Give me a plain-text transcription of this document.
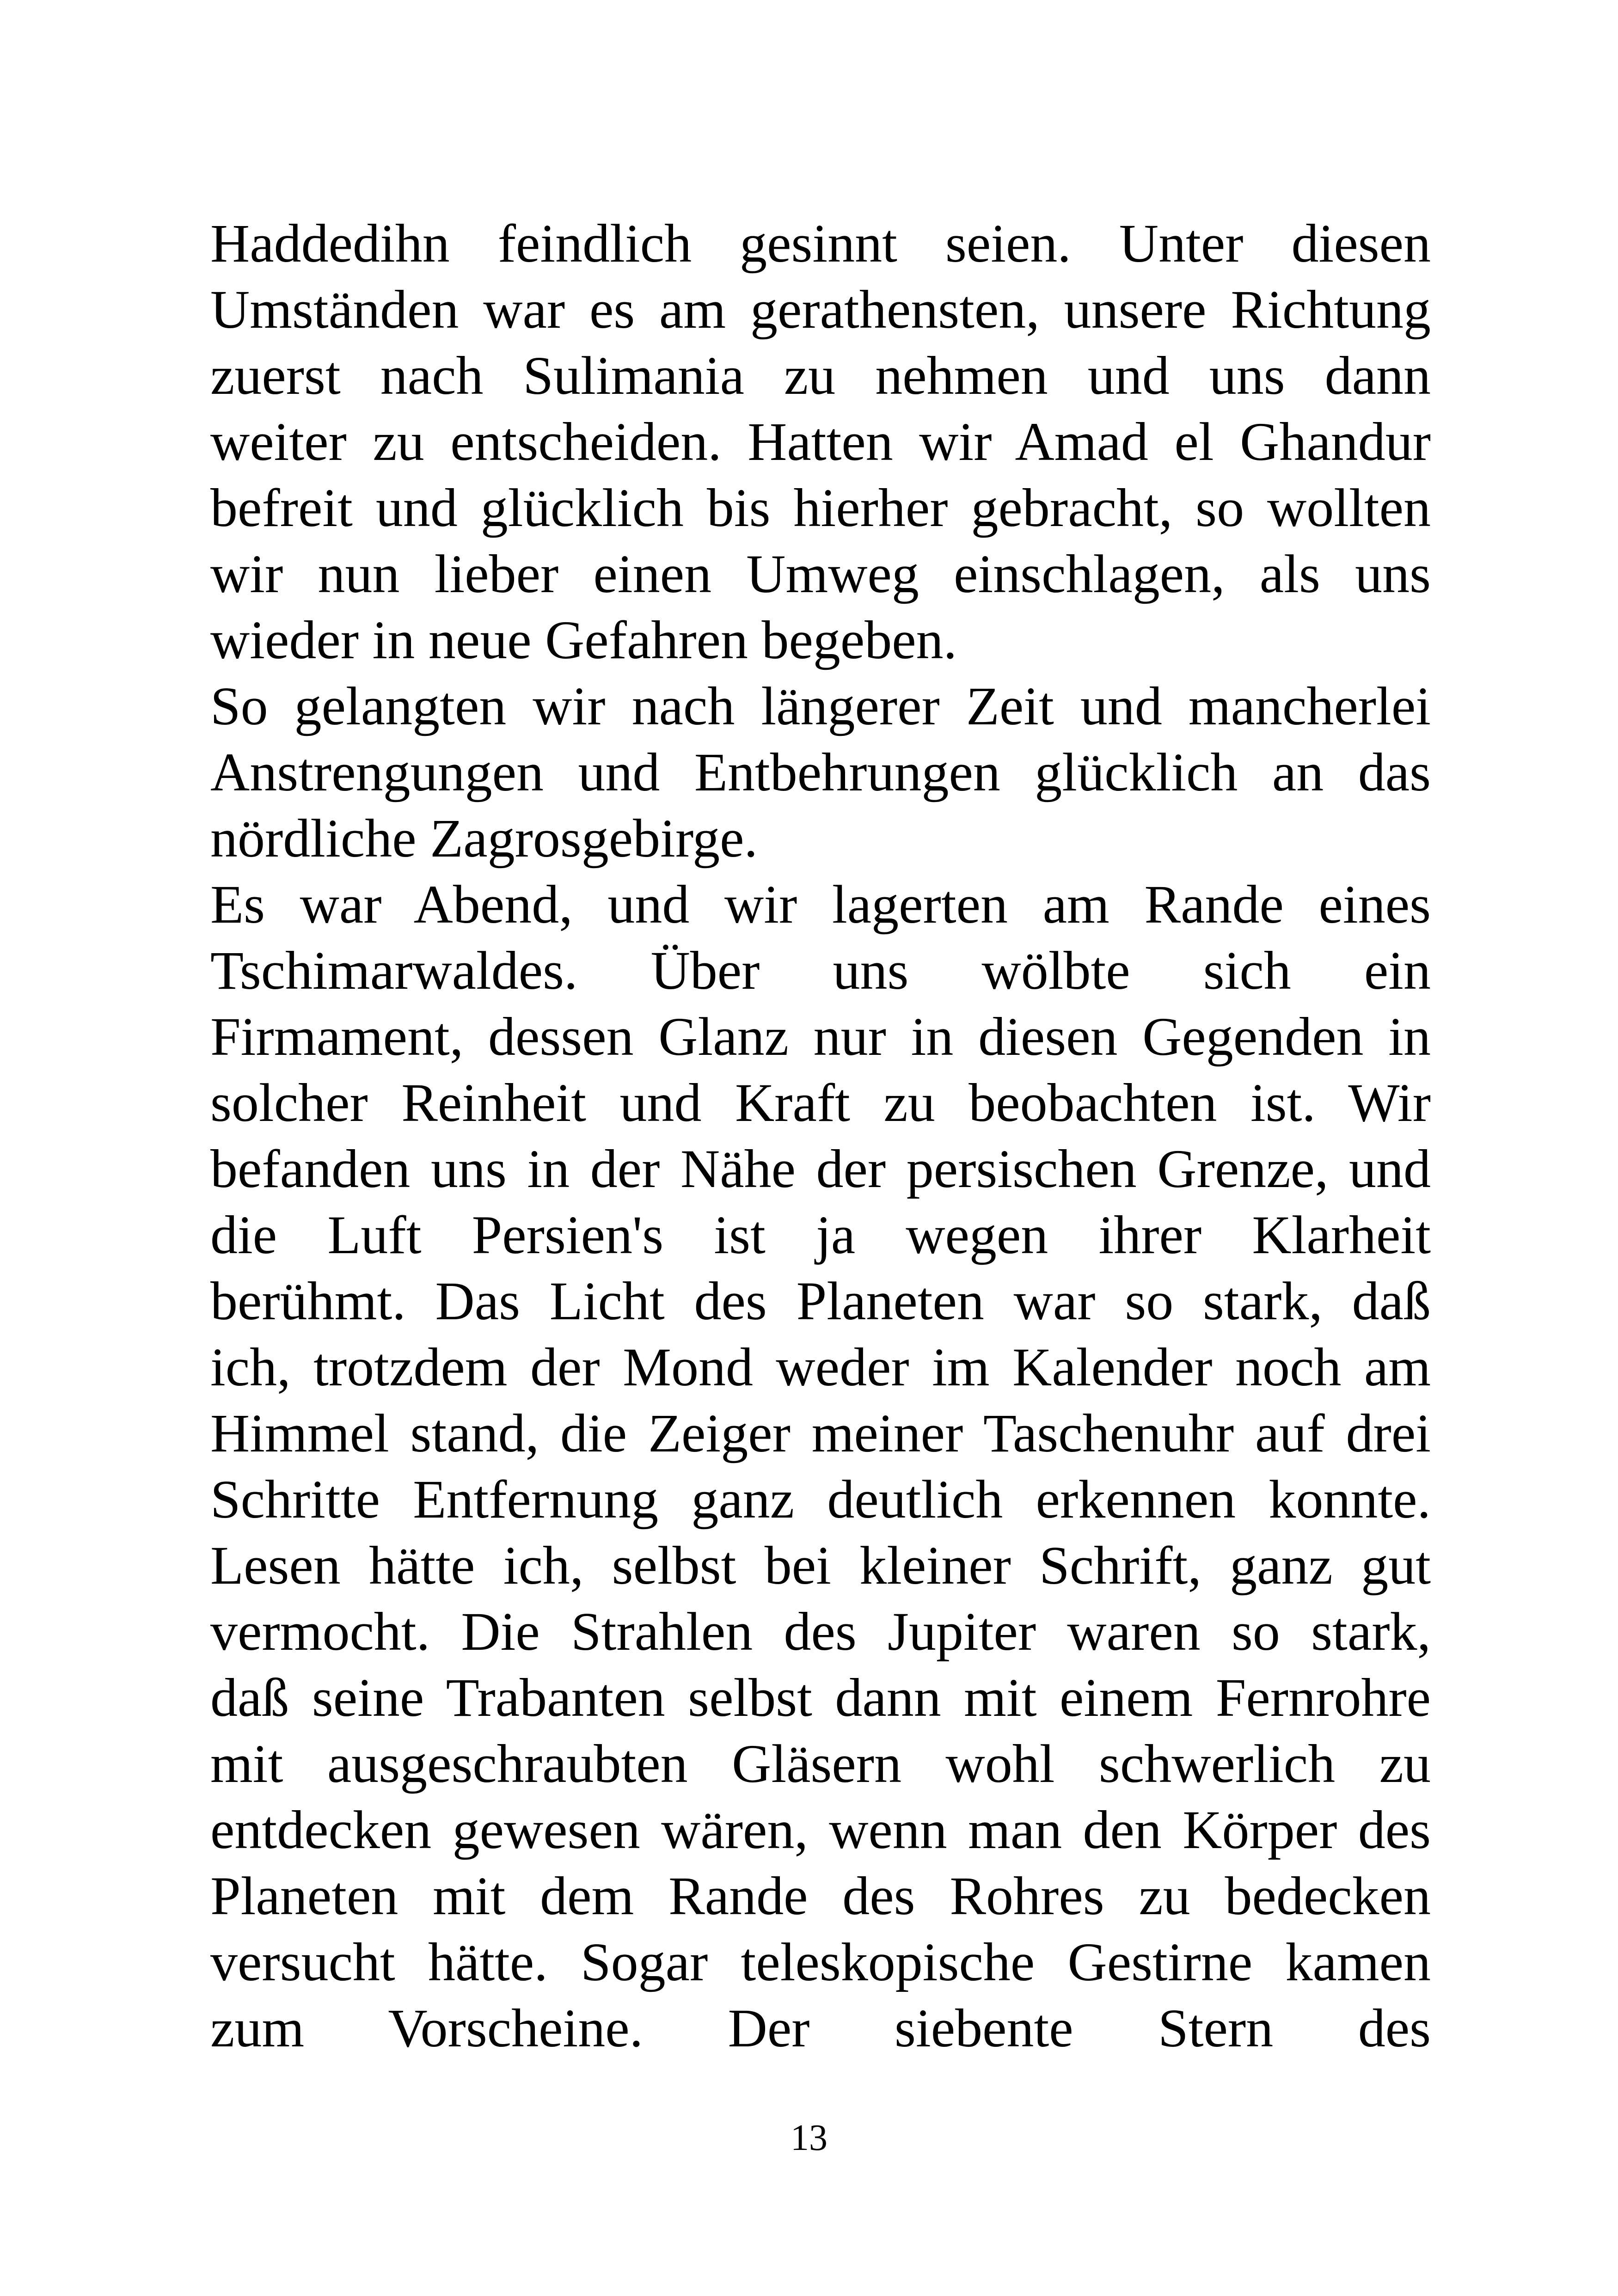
Haddedihn feindlich gesinnt seien. Unter diesen
Umständen war es am gerathensten, unsere Richtung
zuerst nach Sulimania zu nehmen und uns dann
weiter zu entscheiden. Hatten wir Amad el Ghandur
befreit und glücklich bis hierher gebracht, so wollten
wir nun lieber einen Umweg einschlagen, als uns
wieder in neue Gefahren begeben.
So gelangten wir nach längerer Zeit und mancherlei
Anstrengungen und Entbehrungen glücklich an das
nördliche Zagrosgebirge.
Es war Abend, und wir lagerten am Rande eines
Tschimarwaldes. Über uns wölbte sich ein
Firmament, dessen Glanz nur in diesen Gegenden in
solcher Reinheit und Kraft zu beobachten ist. Wir
befanden uns in der Nähe der persischen Grenze, und
die Luft Persien's ist ja wegen ihrer Klarheit
berühmt. Das Licht des Planeten war so stark, daß
ich, trotzdem der Mond weder im Kalender noch am
Himmel stand, die Zeiger meiner Taschenuhr auf drei
Schritte Entfernung ganz deutlich erkennen konnte.
Lesen hätte ich, selbst bei kleiner Schrift, ganz gut
vermocht. Die Strahlen des Jupiter waren so stark,
daß seine Trabanten selbst dann mit einem Fernrohre
mit ausgeschraubten Gläsern wohl schwerlich zu
entdecken gewesen wären, wenn man den Körper des
Planeten mit dem Rande des Rohres zu bedecken
versucht hätte. Sogar teleskopische Gestirne kamen
zum Vorscheine. Der siebente Stern des
13
